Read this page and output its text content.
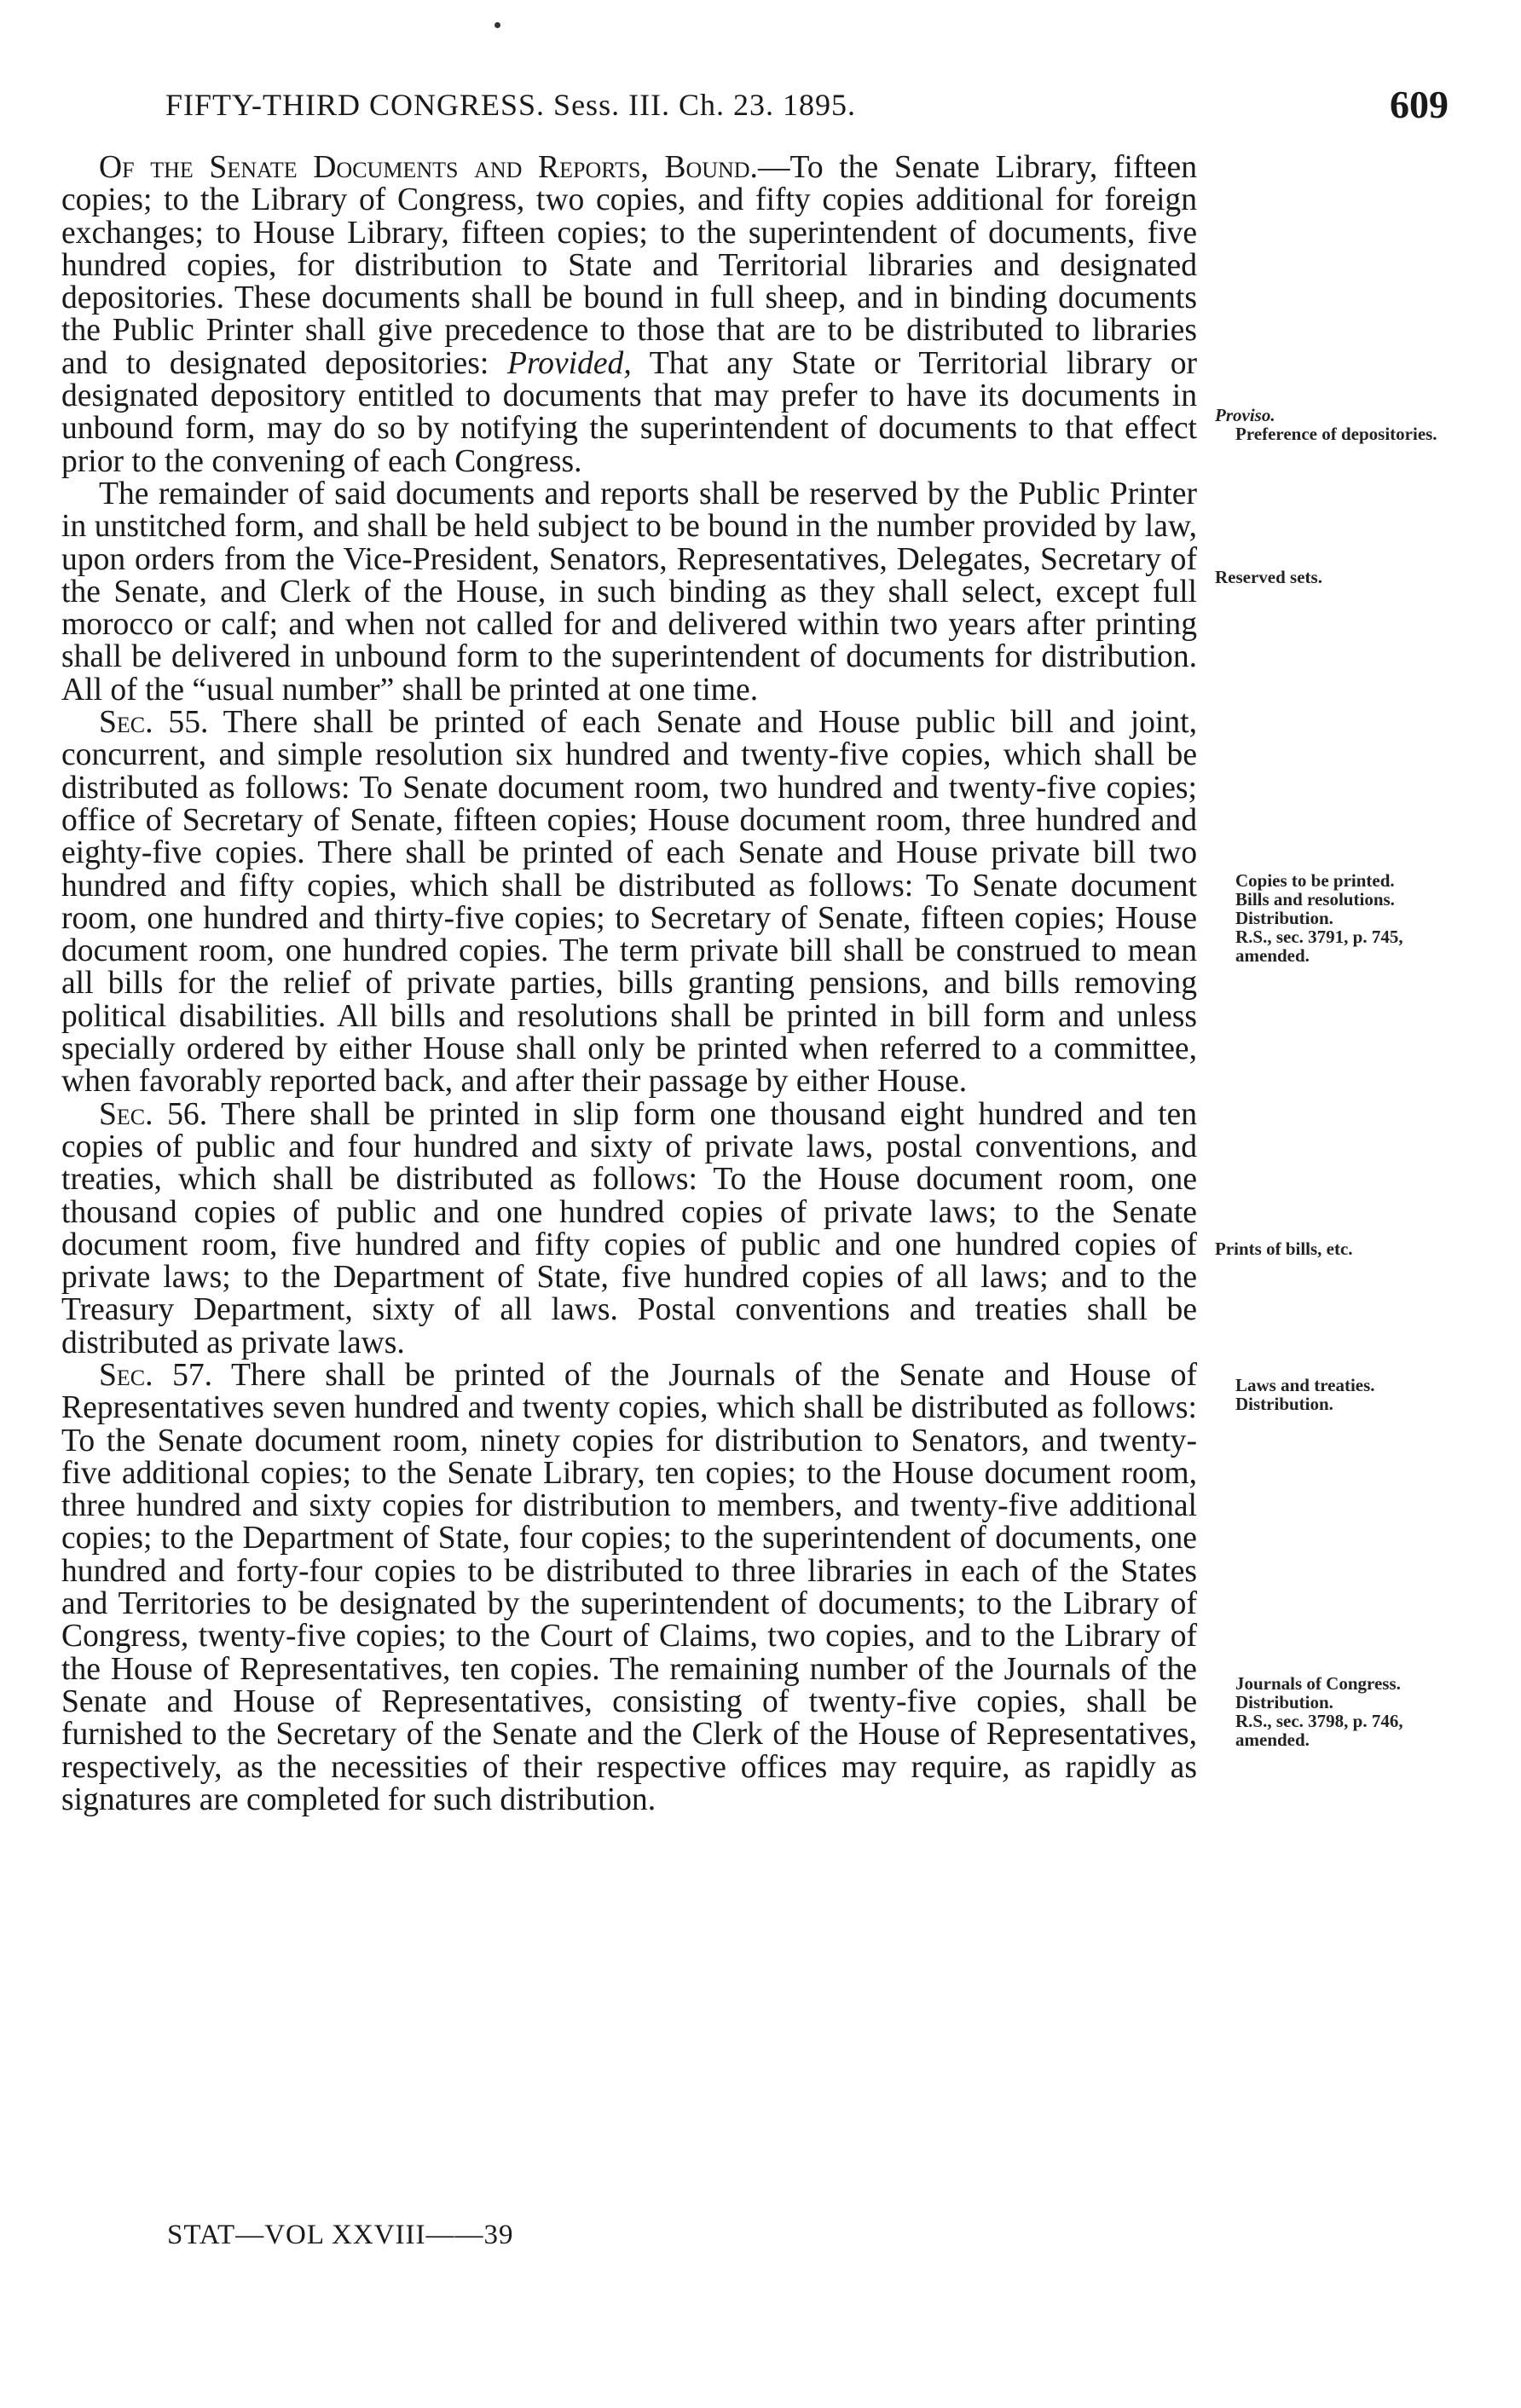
FIFTY-THIRD CONGRESS. Sess. III. Ch. 23. 1895.	609

Of the Senate Documents and Reports, Bound.—To the Senate Library, fifteen copies; to the Library of Congress, two copies, and fifty copies additional for foreign exchanges; to House Library, fifteen copies; to the superintendent of documents, five hundred copies, for distribution to State and Territorial libraries and designated depositories. These documents shall be bound in full sheep, and in binding documents the Public Printer shall give precedence to those that are to be distributed to libraries and to designated depositories: Provided, That any State or Territorial library or designated depository entitled to documents that may prefer to have its documents in unbound form, may do so by notifying the superintendent of documents to that effect prior to the convening of each Congress.

The remainder of said documents and reports shall be reserved by the Public Printer in unstitched form, and shall be held subject to be bound in the number provided by law, upon orders from the Vice-President, Senators, Representatives, Delegates, Secretary of the Senate, and Clerk of the House, in such binding as they shall select, except full morocco or calf; and when not called for and delivered within two years after printing shall be delivered in unbound form to the superintendent of documents for distribution. All of the “usual number” shall be printed at one time.

Sec. 55. There shall be printed of each Senate and House public bill and joint, concurrent, and simple resolution six hundred and twenty-five copies, which shall be distributed as follows: To Senate document room, two hundred and twenty-five copies; office of Secretary of Senate, fifteen copies; House document room, three hundred and eighty-five copies. There shall be printed of each Senate and House private bill two hundred and fifty copies, which shall be distributed as follows: To Senate document room, one hundred and thirty-five copies; to Secretary of Senate, fifteen copies; House document room, one hundred copies. The term private bill shall be construed to mean all bills for the relief of private parties, bills granting pensions, and bills removing political disabilities. All bills and resolutions shall be printed in bill form and unless specially ordered by either House shall only be printed when referred to a committee, when favorably reported back, and after their passage by either House.

Sec. 56. There shall be printed in slip form one thousand eight hundred and ten copies of public and four hundred and sixty of private laws, postal conventions, and treaties, which shall be distributed as follows: To the House document room, one thousand copies of public and one hundred copies of private laws; to the Senate document room, five hundred and fifty copies of public and one hundred copies of private laws; to the Department of State, five hundred copies of all laws; and to the Treasury Department, sixty of all laws. Postal conventions and treaties shall be distributed as private laws.

Sec. 57. There shall be printed of the Journals of the Senate and House of Representatives seven hundred and twenty copies, which shall be distributed as follows: To the Senate document room, ninety copies for distribution to Senators, and twenty-five additional copies; to the Senate Library, ten copies; to the House document room, three hundred and sixty copies for distribution to members, and twenty-five additional copies; to the Department of State, four copies; to the superintendent of documents, one hundred and forty-four copies to be distributed to three libraries in each of the States and Territories to be designated by the superintendent of documents; to the Library of Congress, twenty-five copies; to the Court of Claims, two copies, and to the Library of the House of Representatives, ten copies. The remaining number of the Journals of the Senate and House of Representatives, consisting of twenty-five copies, shall be furnished to the Secretary of the Senate and the Clerk of the House of Representatives, respectively, as the necessities of their respective offices may require, as rapidly as signatures are completed for such distribution.

Proviso.
Preference of depositories.
Reserved sets.
Copies to be printed.
Bills and resolutions.
Distribution.
R.S., sec. 3791, p. 745, amended.
Prints of bills, etc.
Laws and treaties.
Distribution.
Journals of Congress.
Distribution.
R.S., sec. 3798, p. 746, amended.
STAT—VOL XXVIII——39
